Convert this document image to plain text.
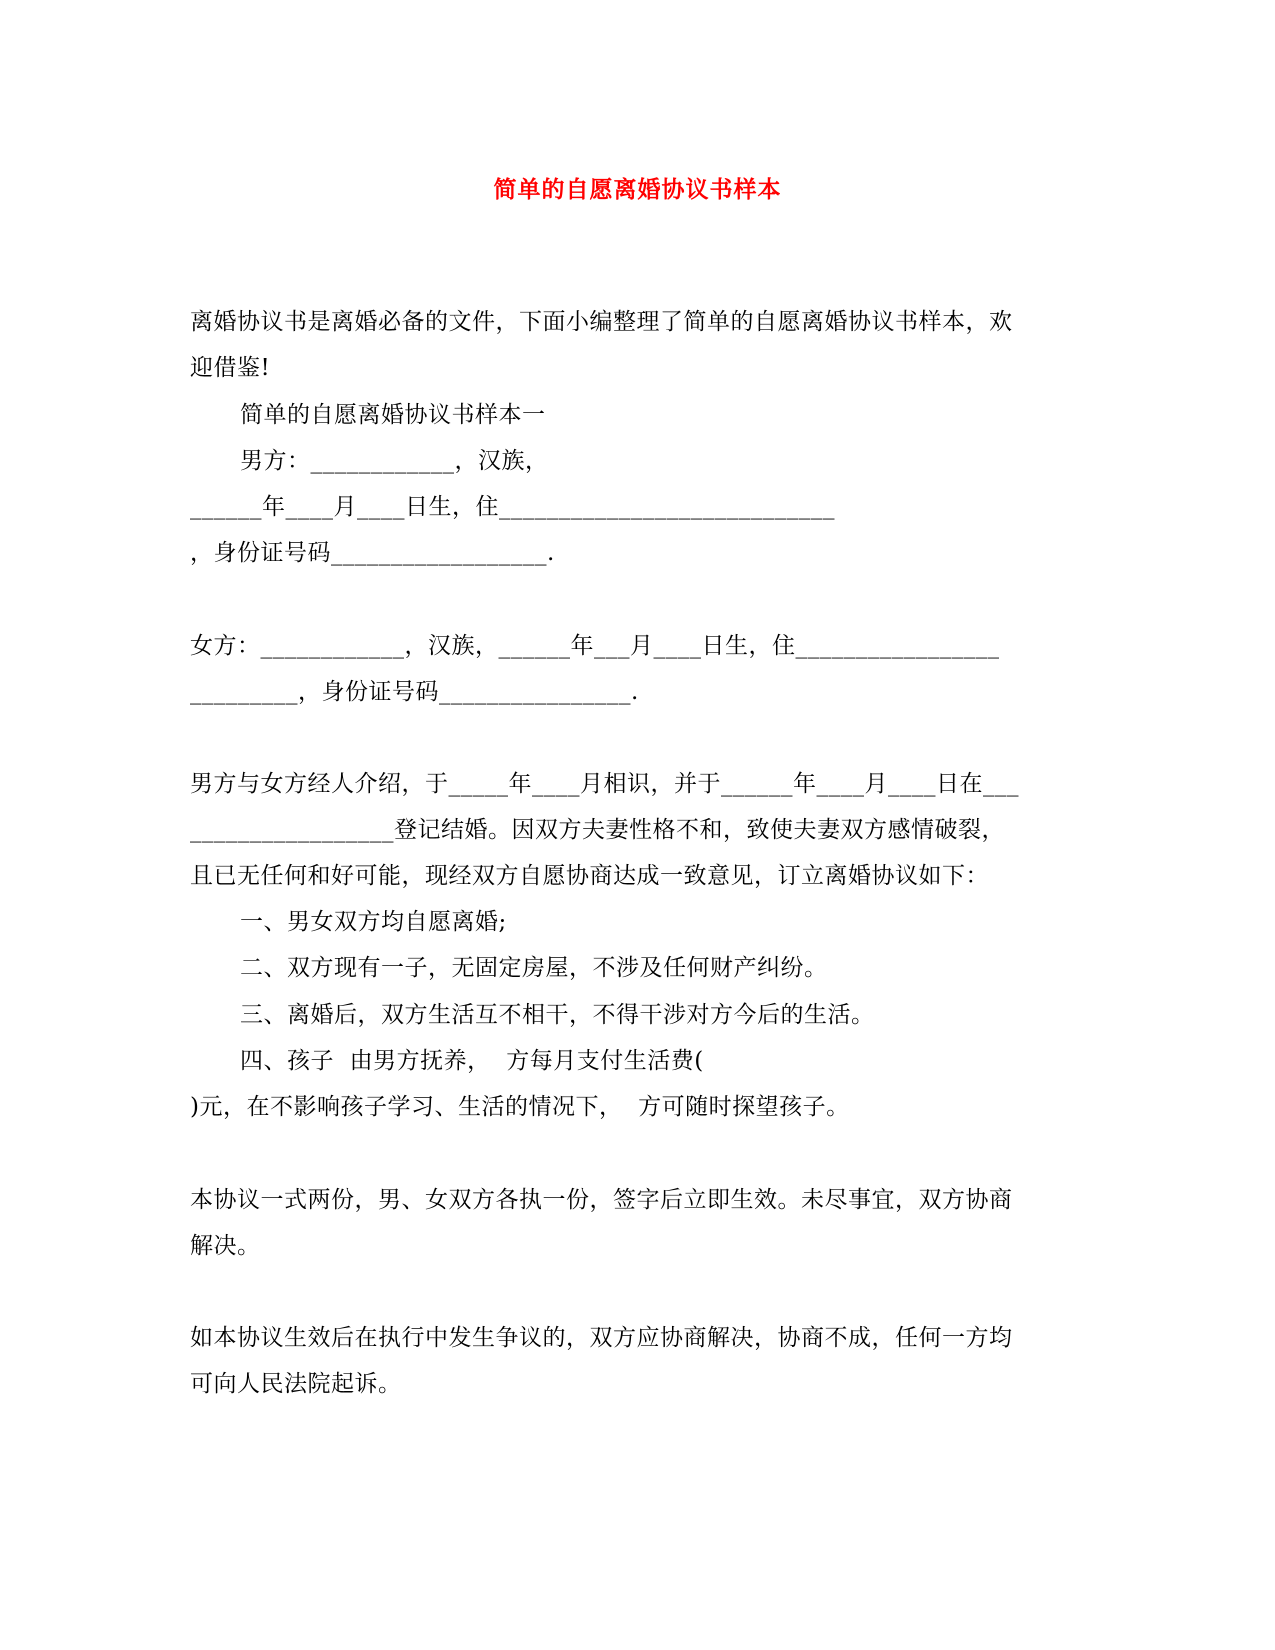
简单的自愿离婚协议书样本
离婚协议书是离婚必备的文件，下面小编整理了简单的自愿离婚协议书样本，欢
迎借鉴!
简单的自愿离婚协议书样本一
男方：____________，汉族，
______年____月____日生，住____________________________
，身份证号码__________________.
女方：____________，汉族，______年___月____日生，住_________________
_________，身份证号码________________.
男方与女方经人介绍，于_____年____月相识，并于______年____月____日在___
_________________登记结婚。因双方夫妻性格不和，致使夫妻双方感情破裂，
且已无任何和好可能，现经双方自愿协商达成一致意见，订立离婚协议如下：
一、男女双方均自愿离婚;
二、双方现有一子，无固定房屋，不涉及任何财产纠纷。
三、离婚后，双方生活互不相干，不得干涉对方今后的生活。
四、孩子  由男方抚养，  方每月支付生活费(
)元，在不影响孩子学习、生活的情况下，  方可随时探望孩子。
本协议一式两份，男、女双方各执一份，签字后立即生效。未尽事宜，双方协商
解决。
如本协议生效后在执行中发生争议的，双方应协商解决，协商不成，任何一方均
可向人民法院起诉。
